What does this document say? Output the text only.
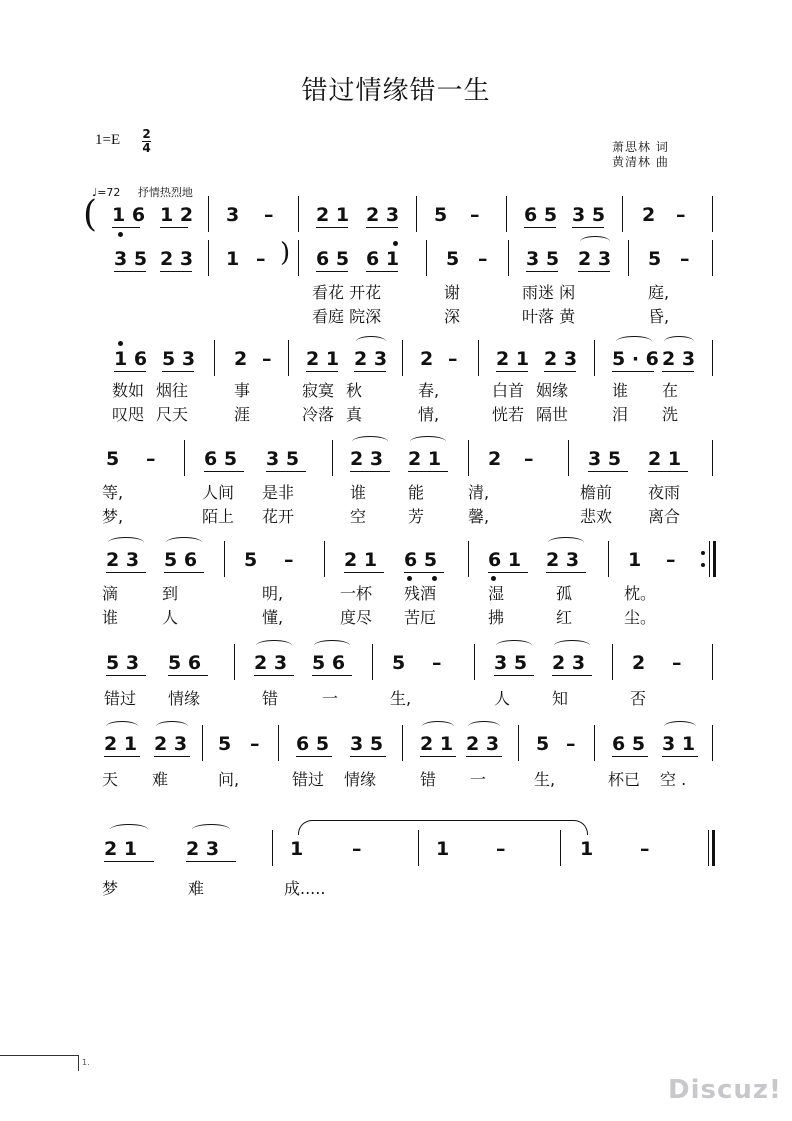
错过情缘错一生
1=E 2
4	萧思林 词
黄清林 曲
♩=72 抒情热烈地
( 1 6 1 2 3 – 2 1 2 3 5 – 6 5 3 5 2 –
3 5 2 3 1 – ) 6 5 6 1 5 – 3 5 2 3 5 –
看花 开花	谢	雨迷 闲	庭,
看庭 院深	深	叶落 黄	昏,
1 6 5 3 2 – 2 1 2 3 2 – 2 1 2 3 5 · 6 2 3
数如 烟往	事	寂寞 秋	春,	白首 姻缘	谁 在
叹咫 尺天	涯	冷落 真	情,	恍若 隔世	泪 洗
5 –	6 5 3 5	2 3 2 1 2 –	3 5 2 1
等,	人间 是非	谁	能	清,	檐前 夜雨
梦,	陌上 花开	空	芳	馨,	悲欢 离合
2 3 5 6 5 –	2 1 6 5	6 1 2 3	1 –
滴	到	明,	一杯 残酒	湿	孤	枕。
谁	人	懂,	度尽 苦厄	拂	红	尘。
5 3 5 6	2 3 5 6 5 –	3 5 2 3 2 –
错过 情缘	错	一	生,	人	知	否
2 1 2 3 5 – 6 5 3 5 2 1 2 3 5 – 6 5 3 1
天 难	问,	错过 情缘	错 一	生,	杯已 空 .
2 1	2 3	1	–	1 –	1 –
梦	难	成.....
1.
Discuz!
